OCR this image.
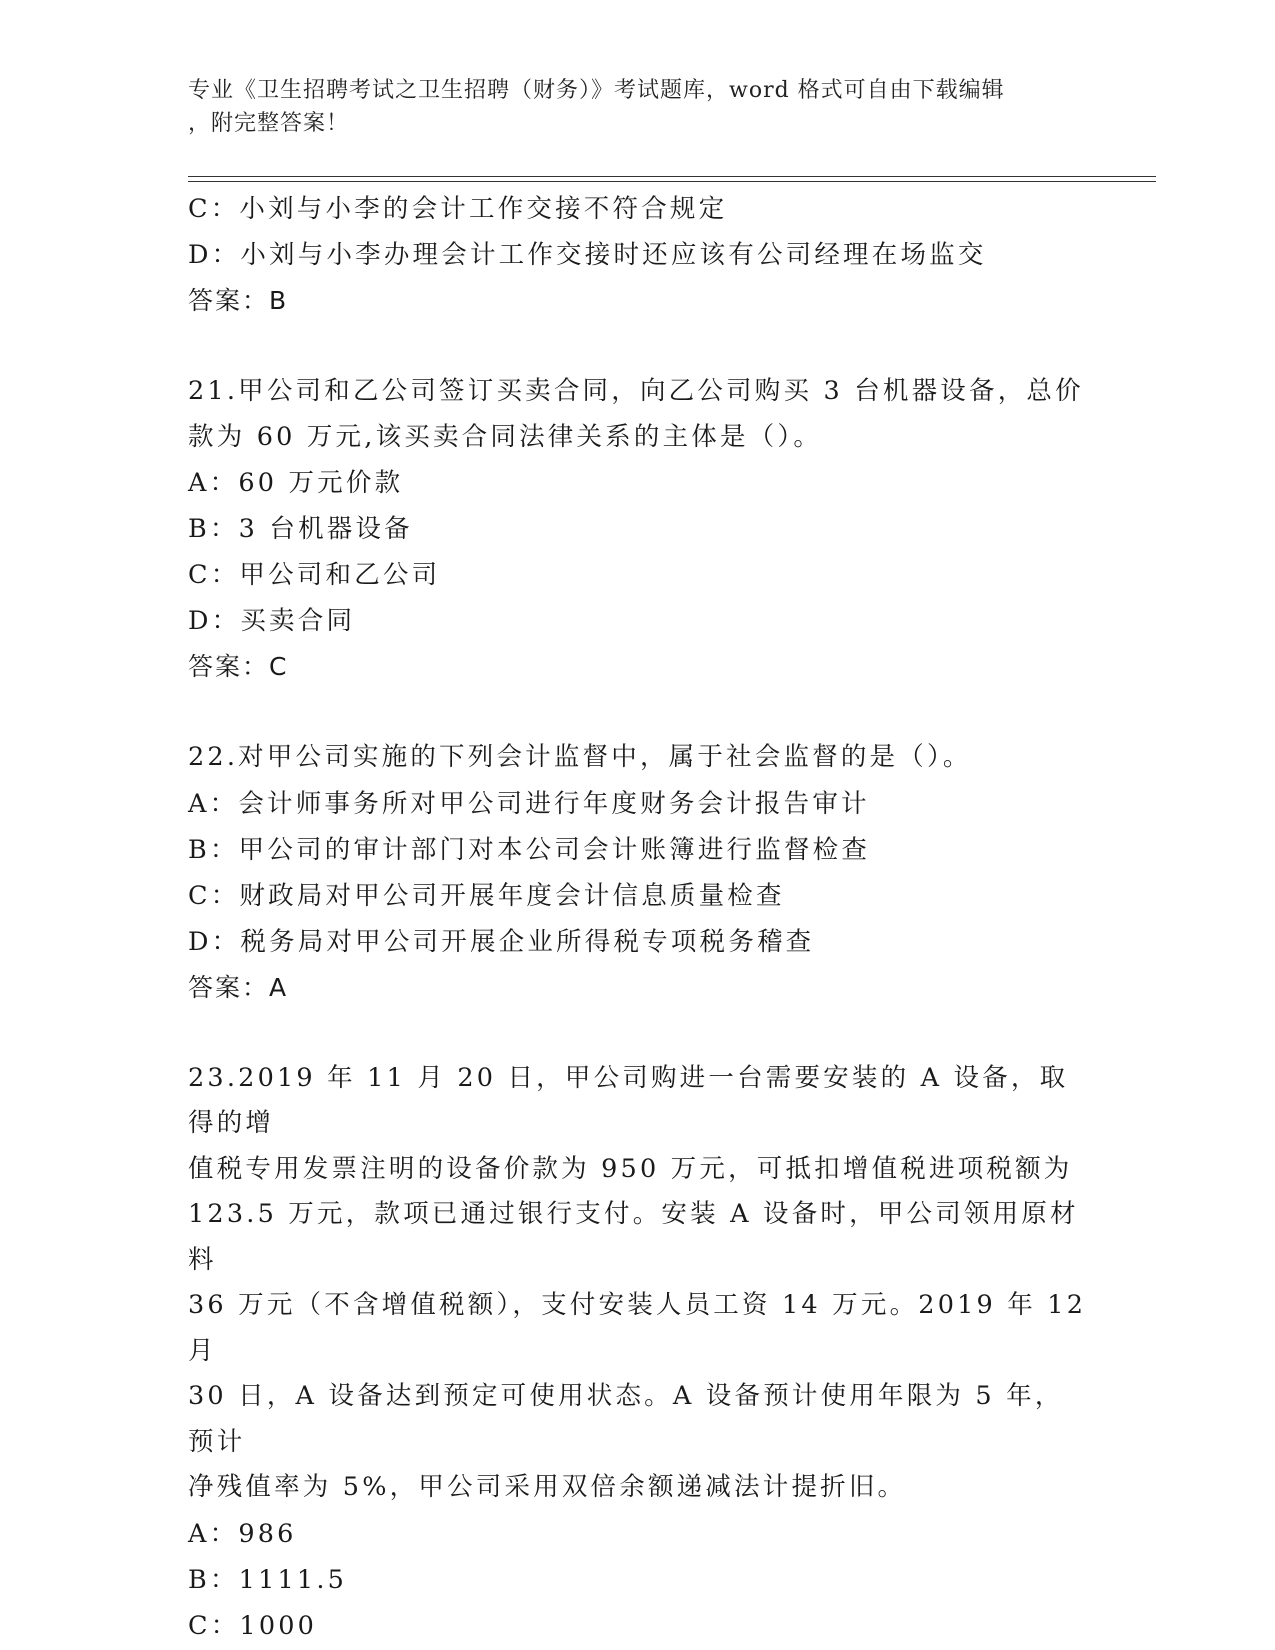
专业《卫生招聘考试之卫生招聘（财务）》考试题库，word 格式可自由下载编辑
，附完整答案！

C：小刘与小李的会计工作交接不符合规定

D：小刘与小李办理会计工作交接时还应该有公司经理在场监交

答案：B

21.甲公司和乙公司签订买卖合同，向乙公司购买 3 台机器设备，总价

款为 60 万元,该买卖合同法律关系的主体是（）。

A：60 万元价款

B：3 台机器设备

C：甲公司和乙公司

D：买卖合同

答案：C

22.对甲公司实施的下列会计监督中，属于社会监督的是（）。

A：会计师事务所对甲公司进行年度财务会计报告审计

B：甲公司的审计部门对本公司会计账簿进行监督检查

C：财政局对甲公司开展年度会计信息质量检查

D：税务局对甲公司开展企业所得税专项税务稽查

答案：A

23.2019 年 11 月 20 日，甲公司购进一台需要安装的 A 设备，取得的增

值税专用发票注明的设备价款为 950 万元，可抵扣增值税进项税额为

123.5 万元，款项已通过银行支付。安装 A 设备时，甲公司领用原材料

36 万元（不含增值税额），支付安装人员工资 14 万元。2019 年 12 月

30 日，A 设备达到预定可使用状态。A 设备预计使用年限为 5 年，预计

净残值率为 5%，甲公司采用双倍余额递减法计提折旧。

A：986

B：1111.5

C：1000
